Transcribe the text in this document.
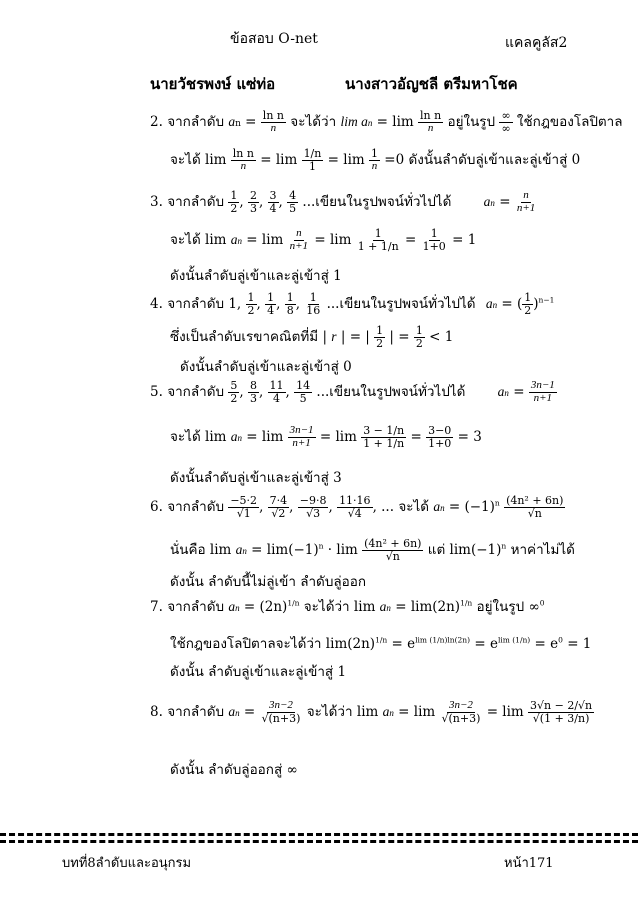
ข้อสอบ O-net	แคลคูลัส2
นายวัชรพงษ์ แซ่ท่อ	นางสาวอัญชลี ตรีมหาโชค
2. จากลำดับ an = $\frac{\text{ln n}}{n}$ จะได้ว่า lim an = $\lim \frac{\text{ln n}}{n}$ อยู่ในรูป $\frac{\infty}{\infty}$ ใช้กฎของโลปิตาล
จะได้ $\lim \frac{\text{ln n}}{n} = \lim \frac{1/n}{1} = \lim \frac{1}{n} =0$ ดังนั้นลำดับลู่เข้าและลู่เข้าสู่ 0
3. จากลำดับ $\frac{1}{2}$ , $\frac{2}{3}$ , $\frac{3}{4}$ , $\frac{4}{5}$ ...เขียนในรูปพจน์ทั่วไปได้ an = $\frac{n}{n+1}$
จะได้ lim an = $\lim \frac{n}{n+1} = \lim \frac{1}{1 + 1/n} = \frac{1}{1+0} = 1$
ดังนั้นลำดับลู่เข้าและลู่เข้าสู่ 1
4. จากลำดับ 1, $\frac{1}{2}$ , $\frac{1}{4}$ , $\frac{1}{8}$ , $\frac{1}{16}$ ...เขียนในรูปพจน์ทั่วไปได้ an = ( $\frac{1}{2} )^{n-1}$
ซึ่งเป็นลำดับเรขาคณิตที่มี | r | = | $\frac{1}{2}$ | = $\frac{1}{2} < 1$
ดังนั้นลำดับลู่เข้าและลู่เข้าสู่ 0
5. จากลำดับ $\frac{5}{2}$ , $\frac{8}{3}$ , $\frac{11}{4}$ , $\frac{14}{5}$ ...เขียนในรูปพจน์ทั่วไปได้ an = $\frac{3n-1}{n+1}$
จะได้ lim an = $\lim \frac{3n-1}{n+1} = \lim \frac{3 - 1/n}{1 + 1/n} = \frac{3-0}{1+0} = 3$
ดังนั้นลำดับลู่เข้าและลู่เข้าสู่ 3
6. จากลำดับ $\frac{-5\cdot 2}{√1}$ , $\frac{7\cdot 4}{√2}$ , $\frac{-9\cdot 8}{√3}$ , $\frac{11\cdot 16}{√4}$ , ... จะได้ an = $(-1)^n \frac{\text{(4n² + 6n)}}{√n}$
นั่นคือ lim an = $\lim(-1)^n \cdot \lim \frac{\text{(4n² + 6n)}}{√n}$ แต่ $\lim(-1)^n$ หาค่าไม่ได้
ดังนั้น ลำดับนี้ไม่ลู่เข้า ลำดับลู่ออก
7. จากลำดับ an = $(2n)^{1/n}$ จะได้ว่า lim an = $\lim(2n)^{1/n}$ อยู่ในรูป ∞$^0$
ใช้กฎของโลปิตาลจะได้ว่า $\lim(2n)^{1/n} = e^{lim (1/n)ln(2n)} = e^{lim (1/n)} = e^0 = 1$
ดังนั้น ลำดับลู่เข้าและลู่เข้าสู่ 1
8. จากลำดับ an = $\frac{3n-2}{√(n+3)}$ จะได้ว่า lim an = $\lim \frac{3n-2}{√(n+3)} = \lim \frac{3√n - 2/√n}{√(1 + 3/n)}$
ดังนั้น ลำดับลู่ออกสู่ ∞
บทที่8ลำดับและอนุกรม	หน้า171
